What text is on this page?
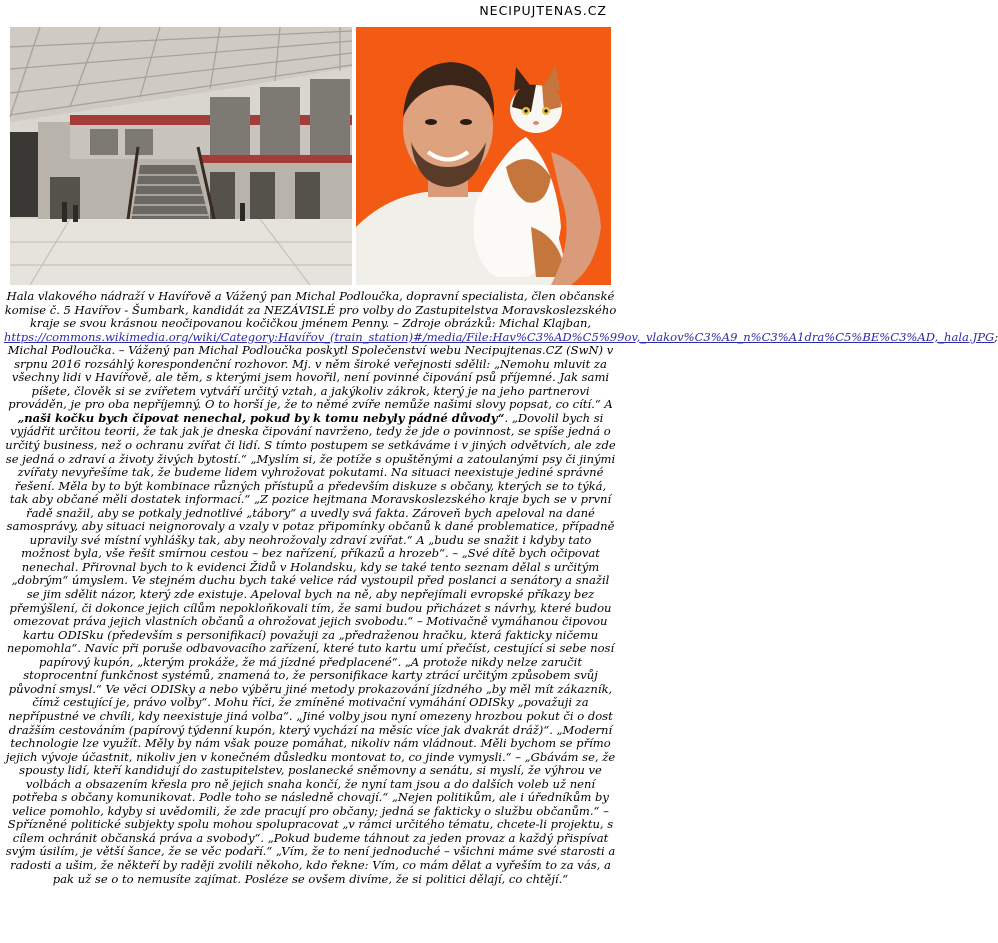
NECIPUJTENAS.CZ

Hala vlakového nádraží v Havířově a Vážený pan Michal Podloučka, dopravní specialista, člen občanské komise č. 5 Havířov - Šumbark, kandidát za NEZÁVISLÉ pro volby do Zastupitelstva Moravskoslezského kraje se svou krásnou neočipovanou kočičkou jménem Penny. – Zdroje obrázků: Michal Klajban, https://commons.wikimedia.org/wiki/Category:Havířov_(train_station)#/media/File:Hav%C3%AD%C5%99ov,_vlakov%C3%A9_n%C3%A1dra%C5%BE%C3%AD,_hala.JPG; Michal Podloučka. – Vážený pan Michal Podloučka poskytl Společenství webu Necipujtenas.CZ (SwN) v srpnu 2016 rozsáhlý korespondenční rozhovor. Mj. v něm široké veřejnosti sdělil: „Nemohu mluvit za všechny lidi v Havířově, ale těm, s kterými jsem hovořil, není povinné čipování psů příjemné. Jak sami píšete, člověk si se zvířetem vytváří určitý vztah, a jakýkoliv zákrok, který je na jeho partnerovi prováděn, je pro oba nepříjemný. O to horší je, že to němé zvíře nemůže našimi slovy popsat, co cítí.“ A „naši kočku bych čipovat nenechal, pokud by k tomu nebyly pádné důvody“. „Dovolil bych si vyjádřit určitou teorii, že tak jak je dneska čipování navrženo, tedy že jde o povinnost, se spíše jedná o určitý business, než o ochranu zvířat či lidí. S tímto postupem se setkáváme i v jiných odvětvích, ale zde se jedná o zdraví a životy živých bytostí.“ „Myslím si, že potíže s opuštěnými a zatoulanými psy či jinými zvířaty nevyřešíme tak, že budeme lidem vyhrožovat pokutami. Na situaci neexistuje jediné správné řešení. Měla by to být kombinace různých přístupů a především diskuze s občany, kterých se to týká, tak aby občané měli dostatek informací.“ „Z pozice hejtmana Moravskoslezského kraje bych se v první řadě snažil, aby se potkaly jednotlivé „tábory“ a uvedly svá fakta. Zároveň bych apeloval na dané samosprávy, aby situaci neignorovaly a vzaly v potaz připomínky občanů k dané problematice, případně upravily své místní vyhlášky tak, aby neohrožovaly zdraví zvířat.“ A „budu se snažit i kdyby tato možnost byla, vše řešit smírnou cestou – bez nařízení, příkazů a hrozeb“. – „Své dítě bych očipovat nenechal. Přirovnal bych to k evidenci Židů v Holandsku, kdy se také tento seznam dělal s určitým „dobrým“ úmyslem. Ve stejném duchu bych také velice rád vystoupil před poslanci a senátory a snažil se jim sdělit názor, který zde existuje. Apeloval bych na ně, aby nepřejímali evropské příkazy bez přemýšlení, či dokonce jejich cílům nepokloňkovali tím, že sami budou přicházet s návrhy, které budou omezovat práva jejich vlastních občanů a ohrožovat jejich svobodu.“ – Motivačně vymáhanou čipovou kartu ODISku (především s personifikací) považuji za „předraženou hračku, která fakticky ničemu nepomohla“. Navíc při poruše odbavovacího zařízení, které tuto kartu umí přečíst, cestující si sebe nosí papírový kupón, „kterým prokáže, že má jízdné předplacené“. „A protože nikdy nelze zaručit stoprocentní funkčnost systémů, znamená to, že personifikace karty ztrácí určitým způsobem svůj původní smysl.“ Ve věci ODISky a nebo výběru jiné metody prokazování jízdného „by měl mít zákazník, čímž cestující je, právo volby“. Mohu říci, že zmíněné motivační vymáhání ODISky „považuji za nepřípustné ve chvíli, kdy neexistuje jiná volba“. „Jiné volby jsou nyní omezeny hrozbou pokut či o dost dražším cestováním (papírový týdenní kupón, který vychází na měsíc více jak dvakrát dráž)“. „Moderní technologie lze využít. Měly by nám však pouze pomáhat, nikoliv nám vládnout. Měli bychom se přímo jejich vývoje účastnit, nikoliv jen v konečném důsledku montovat to, co jinde vymysli.“ – „Gbávám se, že spousty lidí, kteří kandidují do zastupitelstev, poslanecké sněmovny a senátu, si myslí, že výhrou ve volbách a obsazením křesla pro ně jejich snaha končí, že nyní tam jsou a do dalších voleb už není potřeba s občany komunikovat. Podle toho se následně chovají.“ „Nejen politikům, ale i úředníkům by velice pomohlo, kdyby si uvědomili, že zde pracují pro občany; jedná se fakticky o službu občanům.“ – Spřízněné politické subjekty spolu mohou spolupracovat „v rámci určitého tématu, chcete-li projektu, s cílem ochránit občanská práva a svobody“. „Pokud budeme táhnout za jeden provaz a každý přispívat svým úsilím, je větší šance, že se věc podaří.“ „Vím, že to není jednoduché – všichni máme své starosti a radosti a ušim, že někteří by raději zvolili někoho, kdo řekne: Vím, co mám dělat a vyřeším to za vás, a pak už se o to nemusíte zajímat. Posléze se ovšem divíme, že si politici dělají, co chtějí.“
